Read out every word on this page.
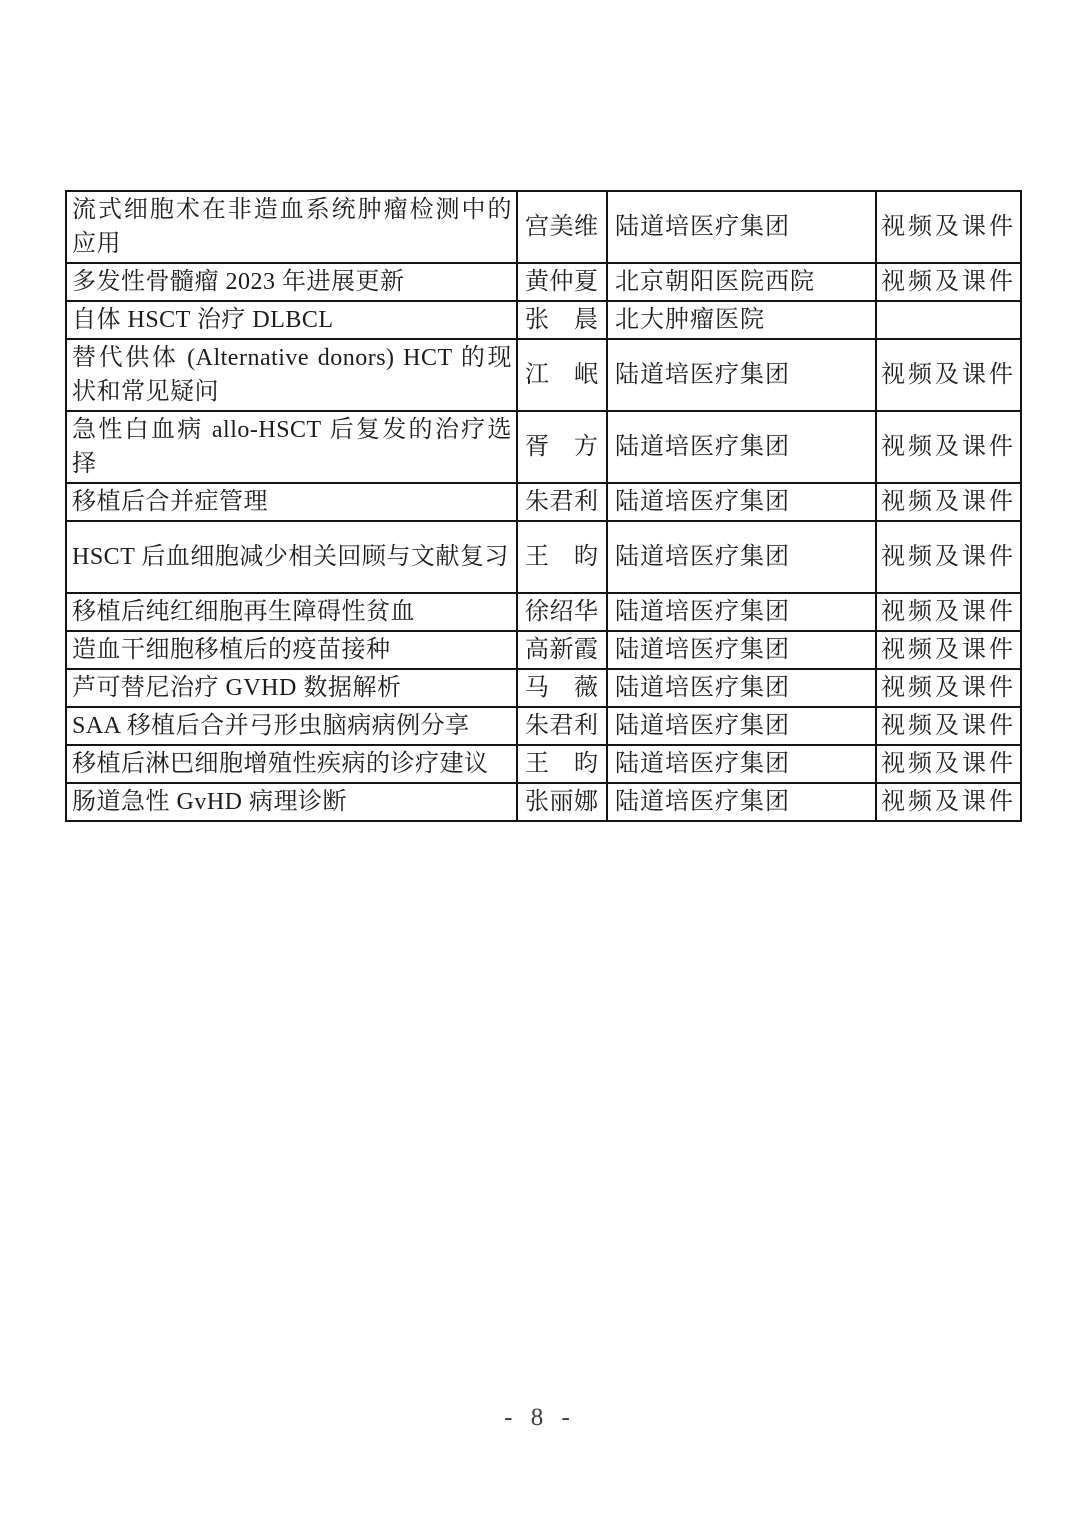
流式细胞术在非造血系统肿瘤检测中的应用	宫美维	陆道培医疗集团	视频及课件
多发性骨髓瘤 2023 年进展更新	黄仲夏	北京朝阳医院西院	视频及课件
自体 HSCT 治疗 DLBCL	张　晨	北大肿瘤医院	
替代供体 (Alternative donors) HCT 的现状和常见疑问	江　岷	陆道培医疗集团	视频及课件
急性白血病 allo-HSCT 后复发的治疗选择	胥　方	陆道培医疗集团	视频及课件
移植后合并症管理	朱君利	陆道培医疗集团	视频及课件
HSCT 后血细胞减少相关回顾与文献复习	王　昀	陆道培医疗集团	视频及课件
移植后纯红细胞再生障碍性贫血	徐绍华	陆道培医疗集团	视频及课件
造血干细胞移植后的疫苗接种	高新霞	陆道培医疗集团	视频及课件
芦可替尼治疗 GVHD 数据解析	马　薇	陆道培医疗集团	视频及课件
SAA 移植后合并弓形虫脑病病例分享	朱君利	陆道培医疗集团	视频及课件
移植后淋巴细胞增殖性疾病的诊疗建议	王　昀	陆道培医疗集团	视频及课件
肠道急性 GvHD 病理诊断	张丽娜	陆道培医疗集团	视频及课件
- 8 -
